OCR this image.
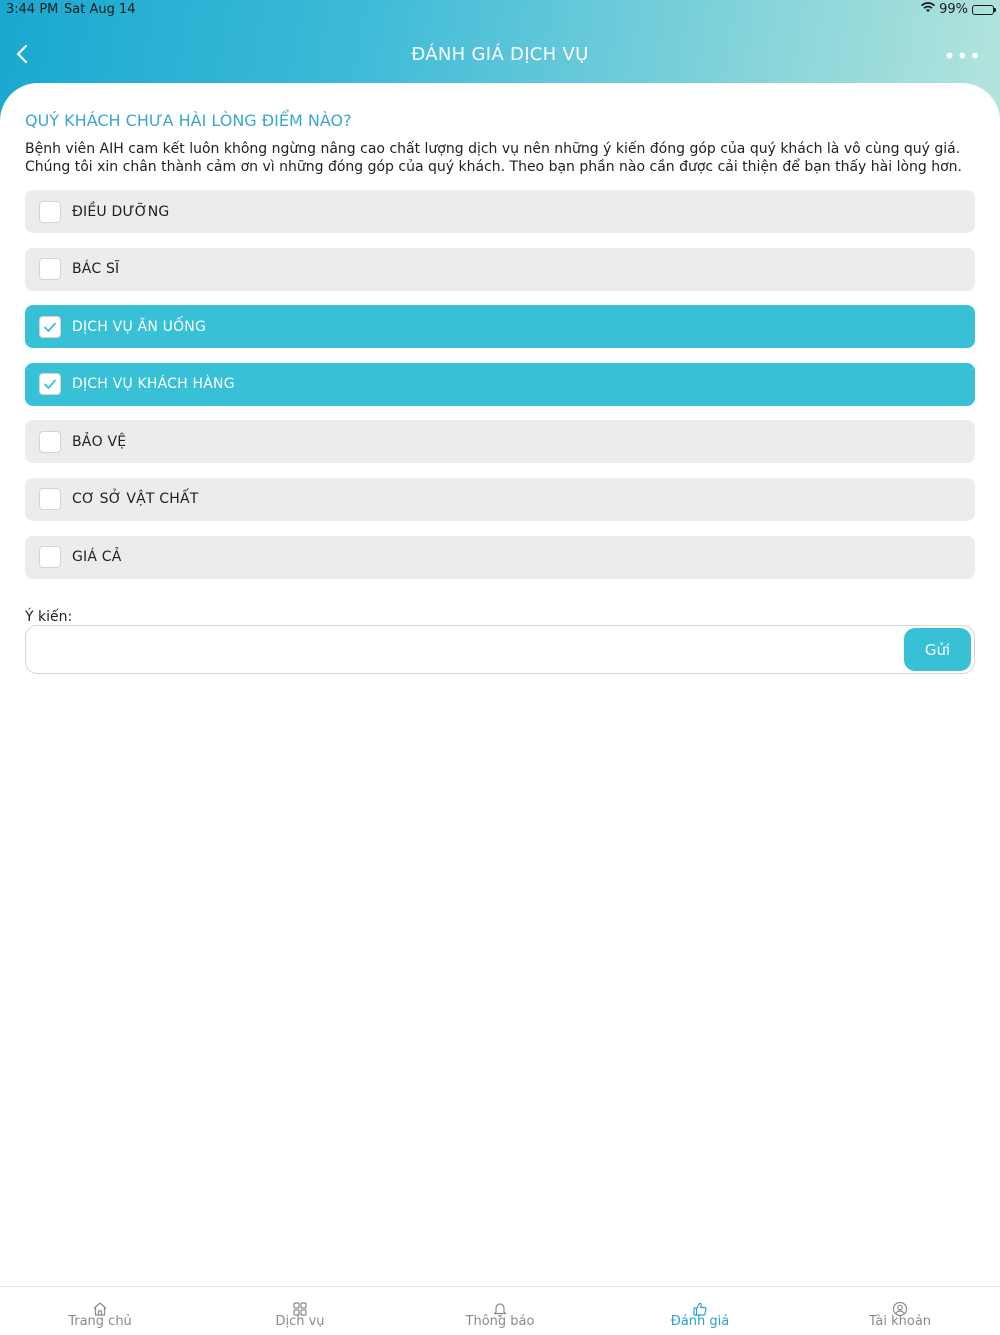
3:44 PM Sat Aug 14	99%
ĐÁNH GIÁ DỊCH VỤ	•••
QUÝ KHÁCH CHƯA HÀI LÒNG ĐIỂM NÀO?
Bệnh viên AIH cam kết luôn không ngừng nâng cao chất lượng dịch vụ nên những ý kiến đóng góp của quý khách là vô cùng quý giá. Chúng tôi xin chân thành cảm ơn vì những đóng góp của quý khách. Theo bạn phần nào cần được cải thiện để bạn thấy hài lòng hơn.
ĐIỀU DƯỠNG
BÁC SĨ
DỊCH VỤ ĂN UỐNG
DỊCH VỤ KHÁCH HÀNG
BẢO VỆ
CƠ SỞ VẬT CHẤT
GIÁ CẢ
Ý kiến:
Gửi
Trang chủ	Dịch vụ	Thông báo	Đánh giá	Tài khoản
